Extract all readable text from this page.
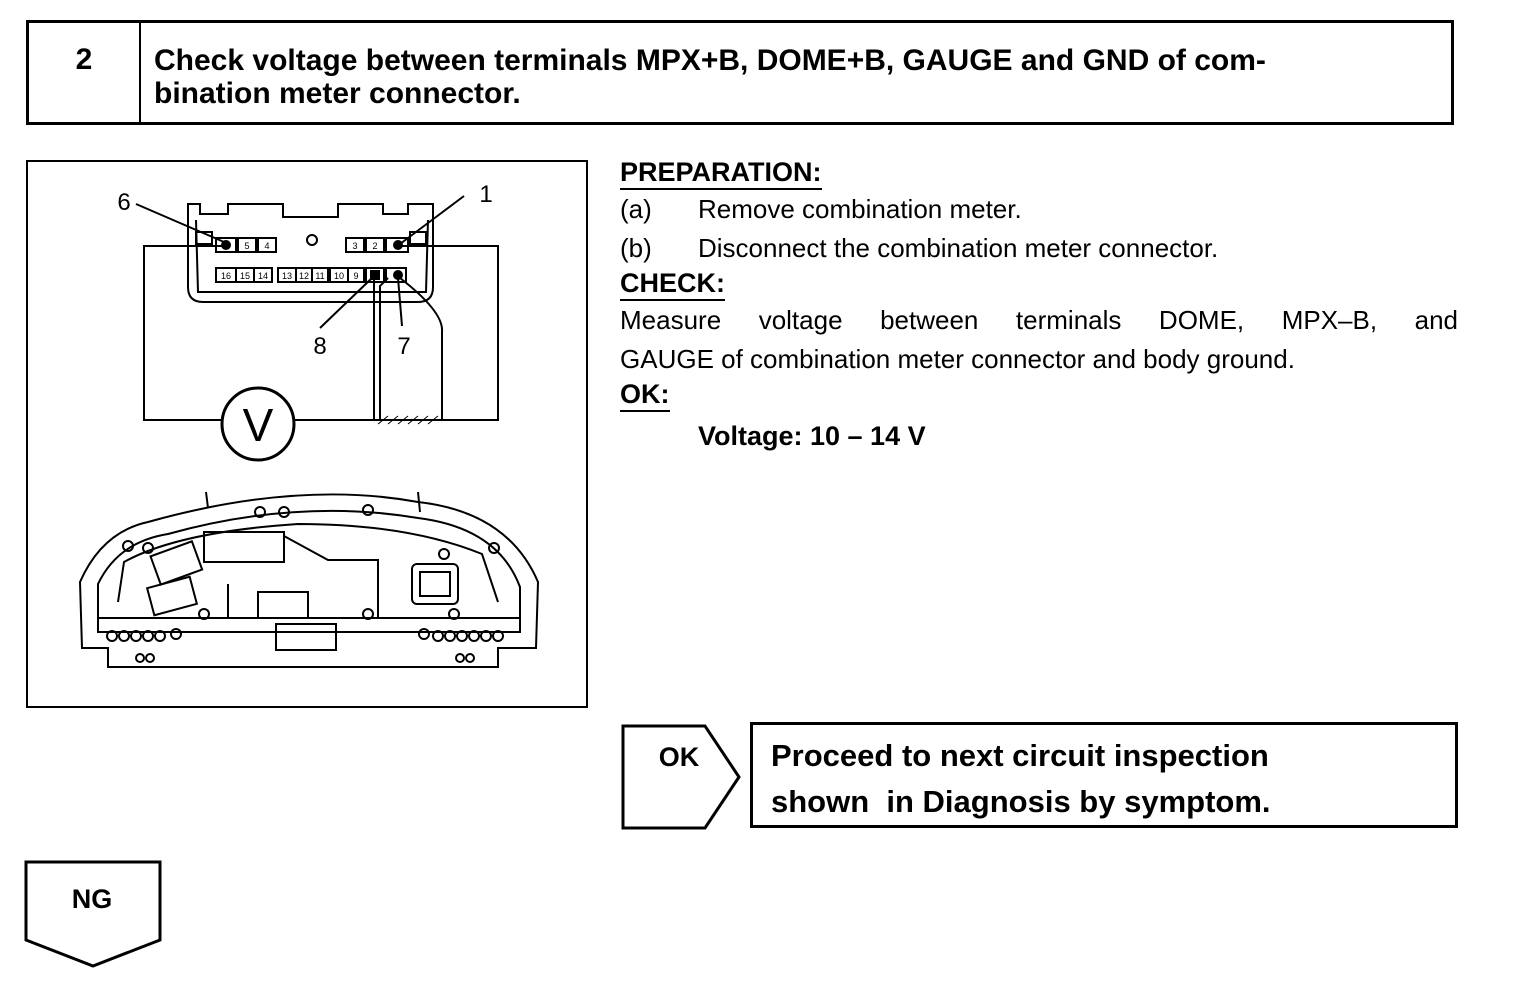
2	Check voltage between terminals MPX+B, DOME+B, GAUGE and GND of com-
bination meter connector.
6	1
8	7
5 4	3 2
16 15 14 13 12 11 10 9
V
PREPARATION:
(a)	Remove combination meter.
(b)	Disconnect the combination meter connector.
CHECK:
Measure voltage between terminals DOME, MPX–B, and
GAUGE of combination meter connector and body ground.
OK:
Voltage: 10 – 14 V
OK	Proceed to next circuit inspection
shown  in Diagnosis by symptom.
NG
